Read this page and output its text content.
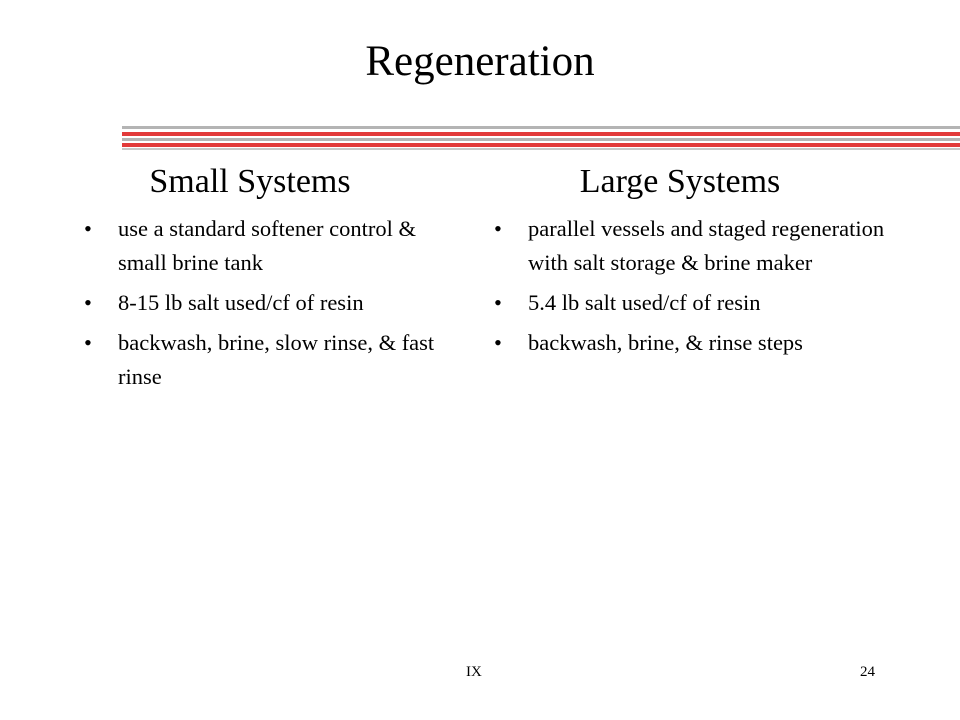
Regeneration
Small Systems
• use a standard softener control & small brine tank
• 8-15 lb salt used/cf of resin
• backwash, brine, slow rinse, & fast rinse
Large Systems
• parallel vessels and staged regeneration with salt storage & brine maker
• 5.4 lb salt used/cf of resin
• backwash, brine, & rinse steps
IX	24
